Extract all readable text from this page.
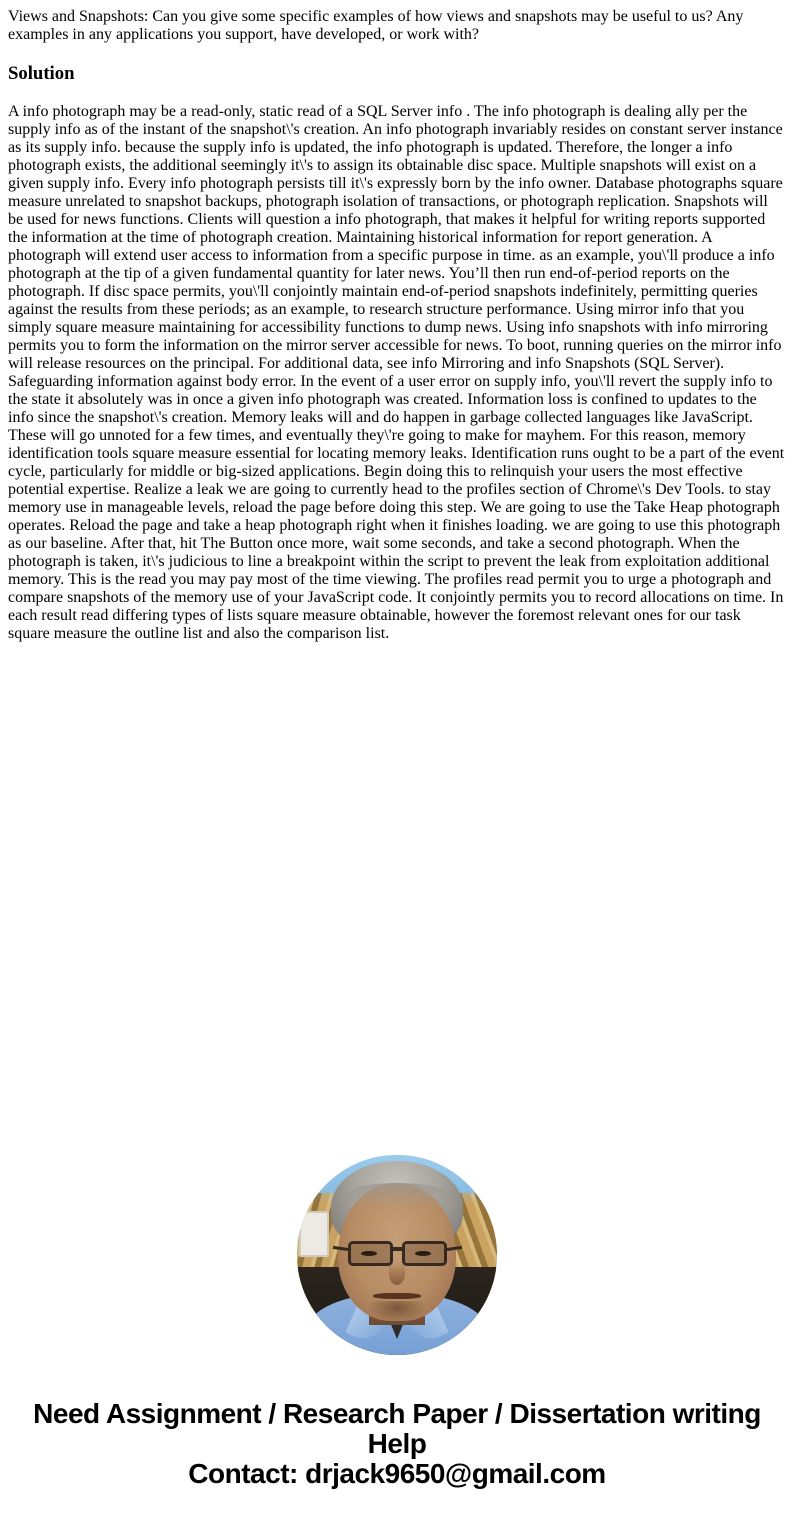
Views and Snapshots: Can you give some specific examples of how views and snapshots may be useful to us? Any examples in any applications you support, have developed, or work with?

Solution

A info photograph may be a read-only, static read of a SQL Server info . The info photograph is dealing ally per the supply info as of the instant of the snapshot\'s creation. An info photograph invariably resides on constant server instance as its supply info. because the supply info is updated, the info photograph is updated. Therefore, the longer a info photograph exists, the additional seemingly it\'s to assign its obtainable disc space. Multiple snapshots will exist on a given supply info. Every info photograph persists till it\'s expressly born by the info owner. Database photographs square measure unrelated to snapshot backups, photograph isolation of transactions, or photograph replication. Snapshots will be used for news functions. Clients will question a info photograph, that makes it helpful for writing reports supported the information at the time of photograph creation. Maintaining historical information for report generation. A photograph will extend user access to information from a specific purpose in time. as an example, you\'ll produce a info photograph at the tip of a given fundamental quantity for later news. You’ll then run end-of-period reports on the photograph. If disc space permits, you\'ll conjointly maintain end-of-period snapshots indefinitely, permitting queries against the results from these periods; as an example, to research structure performance. Using mirror info that you simply square measure maintaining for accessibility functions to dump news. Using info snapshots with info mirroring permits you to form the information on the mirror server accessible for news. To boot, running queries on the mirror info will release resources on the principal. For additional data, see info Mirroring and info Snapshots (SQL Server). Safeguarding information against body error. In the event of a user error on supply info, you\'ll revert the supply info to the state it absolutely was in once a given info photograph was created. Information loss is confined to updates to the info since the snapshot\'s creation. Memory leaks will and do happen in garbage collected languages like JavaScript. These will go unnoted for a few times, and eventually they\'re going to make for mayhem. For this reason, memory identification tools square measure essential for locating memory leaks. Identification runs ought to be a part of the event cycle, particularly for middle or big-sized applications. Begin doing this to relinquish your users the most effective potential expertise. Realize a leak we are going to currently head to the profiles section of Chrome\'s Dev Tools. to stay memory use in manageable levels, reload the page before doing this step. We are going to use the Take Heap photograph operates. Reload the page and take a heap photograph right when it finishes loading. we are going to use this photograph as our baseline. After that, hit The Button once more, wait some seconds, and take a second photograph. When the photograph is taken, it\'s judicious to line a breakpoint within the script to prevent the leak from exploitation additional memory. This is the read you may pay most of the time viewing. The profiles read permit you to urge a photograph and compare snapshots of the memory use of your JavaScript code. It conjointly permits you to record allocations on time. In each result read differing types of lists square measure obtainable, however the foremost relevant ones for our task square measure the outline list and also the comparison list.

Need Assignment / Research Paper / Dissertation writing Help
Contact: drjack9650@gmail.com
